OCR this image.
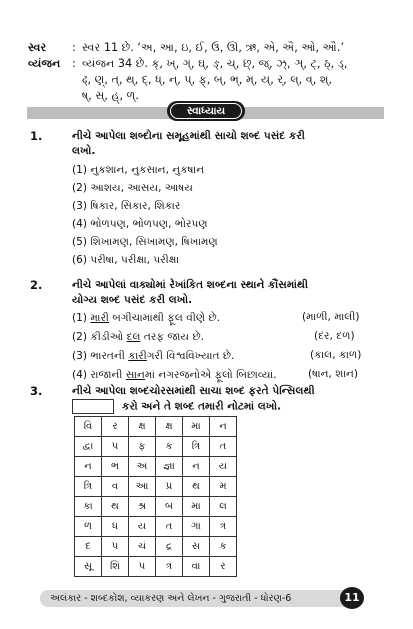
સ્વર	: સ્વર 11 છે. ‘અ, આ, ઇ, ઈ, ઉ, ઊ, ઋ, એ, ઐ, ઓ, ઔ.’
વ્યંજન	: વ્યંજન 34 છે. ક્, ખ્, ગ્, ઘ્, ઙ્, ચ્, છ્, જ્, ઝ્, ઞ્, ટ્, ઠ્, ડ્,
ઢ્, ણ્, ત્, થ્, દ્, ધ્, ન્, પ્, ફ્, બ્, ભ્, મ્, ય્, ર્, લ્, વ્, શ્,
ષ્, સ્, હ્, ળ્.
સ્વાધ્યાય
1.	નીચે આપેલા શબ્દોના સમૂહમાંથી સાચો શબ્દ પસંદ કરી
લખો.
(1) નુકશાન, નુકસાન, નુકષાન
(2) આશય, આસય, આષય
(3) ષિકાર, સિકાર, શિકાર
(4) ભોળપણ, ભોળપણ, ભોરપણ
(5) શિખામણ, સિખામણ, ષિખામણ
(6) પરીષા, પરીક્ષા, પરીક્ષા
2.	નીચે આપેલાં વાક્યોમાં રેખાંકિત શબ્દના સ્થાને કૌંસમાંથી
યોગ્ય શબ્દ પસંદ કરી લખો.
(1) મારી બગીચામાંથી ફૂલ વીણે છે.	(માળી, માલી)
(2) કીડીઓ દલ તરફ જાય છે.	(દર, દળ)
(3) ભારતની કારીગરી વિશ્વવિખ્યાત છે.	(કાલ, કાળ)
(4) રાજાની સાનમાં નગરજનોએ ફૂલો બિછાવ્યાં.	(ષાન, શાન)
3.	નીચે આપેલા શબ્દચોરસમાંથી સાચા શબ્દ ફરતે પેન્સિલથી
કરો અને તે શબ્દ તમારી નોટમાં લખો.
વિ	ર	ક્ષ	ક્ષ	મા	ન
દ્વા	પ	ફ	ક	ત્રિ	ત
ન	ભ	અ	જ્ઞા	ન	ય
ત્રિ	વ	આ	પ્ર	થ	મ
કા	થ	શ્ર	બ	મા	લ
ળ	ધ	ય	ત	ગા	ત્ર
દ	પ	ચં	દ્ર	સ	ક
સૂ	શિ	પ	ત્ર	વા	ર
અલંકાર - શબ્દકોશ, વ્યાકરણ અને લેખન - ગુજરાતી - ધોરણ-6	11
